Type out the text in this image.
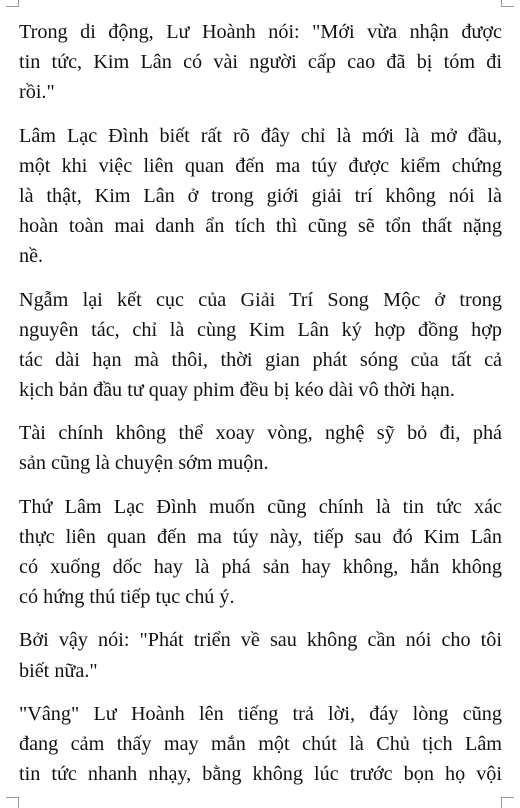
Trong di động, Lư Hoành nói: "Mới vừa nhận được
tin tức, Kim Lân có vài người cấp cao đã bị tóm đi
rồi."

Lâm Lạc Đình biết rất rõ đây chỉ là mới là mở đầu,
một khi việc liên quan đến ma túy được kiểm chứng
là thật, Kim Lân ở trong giới giải trí không nói là
hoàn toàn mai danh ẩn tích thì cũng sẽ tổn thất nặng
nề.

Ngẫm lại kết cục của Giải Trí Song Mộc ở trong
nguyên tác, chỉ là cùng Kim Lân ký hợp đồng hợp
tác dài hạn mà thôi, thời gian phát sóng của tất cả
kịch bản đầu tư quay phim đều bị kéo dài vô thời hạn.

Tài chính không thể xoay vòng, nghệ sỹ bỏ đi, phá
sản cũng là chuyện sớm muộn.

Thứ Lâm Lạc Đình muốn cũng chính là tin tức xác
thực liên quan đến ma túy này, tiếp sau đó Kim Lân
có xuống dốc hay là phá sản hay không, hắn không
có hứng thú tiếp tục chú ý.

Bởi vậy nói: "Phát triển về sau không cần nói cho tôi
biết nữa."

"Vâng" Lư Hoành lên tiếng trả lời, đáy lòng cũng
đang cảm thấy may mắn một chút là Chủ tịch Lâm
tin tức nhanh nhạy, bằng không lúc trước bọn họ vội
